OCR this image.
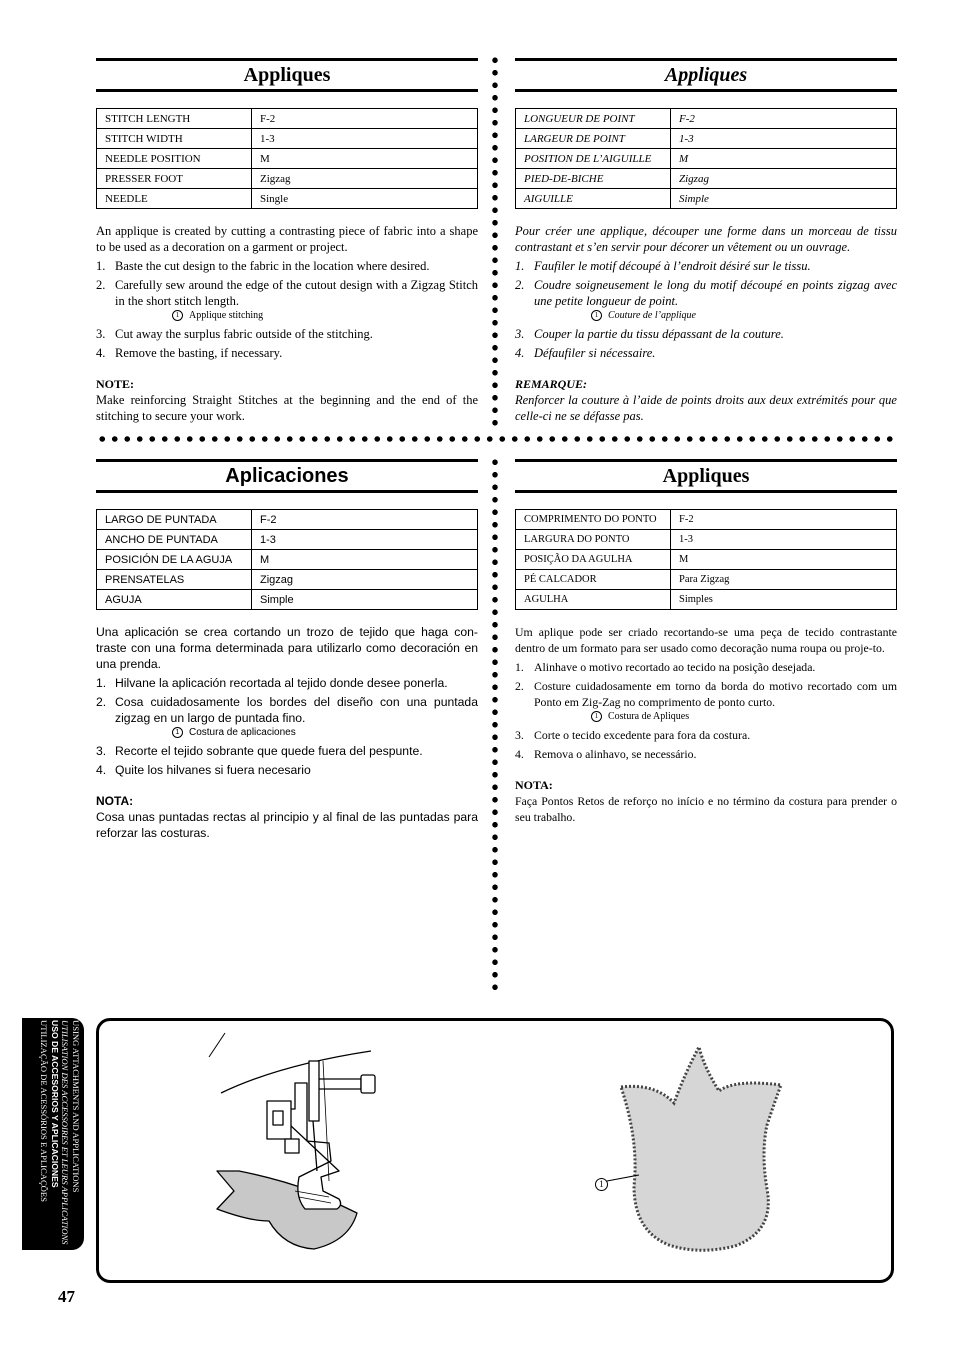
Appliques
STITCH LENGTH	F-2
STITCH WIDTH	1-3
NEEDLE POSITION	M
PRESSER FOOT	Zigzag
NEEDLE	Single

An applique is created by cutting a contrasting piece of fabric into a shape to be used as a decoration on a garment or project.

1. Baste the cut design to the fabric in the location where desired.
2. Carefully sew around the edge of the cutout design with a Zigzag Stitch in the short stitch length.
1 Applique stitching
3. Cut away the surplus fabric outside of the stitching.
4. Remove the basting, if necessary.
NOTE:

Make reinforcing Straight Stitches at the beginning and the end of the stitching to secure your work.

Appliques
LONGUEUR DE POINT	F-2
LARGEUR DE POINT	1-3
POSITION DE L’AIGUILLE	M
PIED-DE-BICHE	Zigzag
AIGUILLE	Simple

Pour créer une applique, découper une forme dans un morceau de tissu contrastant et s’en servir pour décorer un vêtement ou un ouvrage.

1. Faufiler le motif découpé à l’endroit désiré sur le tissu.
2. Coudre soigneusement le long du motif découpé en points zigzag avec une petite longueur de point.
1 Couture de l’applique
3. Couper la partie du tissu dépassant de la couture.
4. Défaufiler si nécessaire.
REMARQUE:

Renforcer la couture à l’aide de points droits aux deux extrémités pour que celle-ci ne se défasse pas.

Aplicaciones
LARGO DE PUNTADA	F-2
ANCHO DE PUNTADA	1-3
POSICIÓN DE LA AGUJA	M
PRENSATELAS	Zigzag
AGUJA	Simple

Una aplicación se crea cortando un trozo de tejido que haga con-traste con una forma determinada para utilizarlo como decoración en una prenda.

1. Hilvane la aplicación recortada al tejido donde desee ponerla.
2. Cosa cuidadosamente los bordes del diseño con una puntada zigzag en un largo de puntada fino.
1 Costura de aplicaciones
3. Recorte el tejido sobrante que quede fuera del pespunte.
4. Quite los hilvanes si fuera necesario
NOTA:

Cosa unas puntadas rectas al principio y al final de las puntadas para reforzar las costuras.

Appliques
COMPRIMENTO DO PONTO	F-2
LARGURA DO PONTO	1-3
POSIÇÃO DA AGULHA	M
PÉ CALCADOR	Para Zigzag
AGULHA	Simples

Um aplique pode ser criado recortando-se uma peça de tecido contrastante dentro de um formato para ser usado como decoração numa roupa ou proje-to.

1. Alinhave o motivo recortado ao tecido na posição desejada.
2. Costure cuidadosamente em torno da borda do motivo recortado com um Ponto em Zig-Zag no comprimento de ponto curto.
1 Costura de Apliques
3. Corte o tecido excedente para fora da costura.
4. Remova o alinhavo, se necessário.
NOTA:

Faça Pontos Retos de reforço no início e no término da costura para prender o seu trabalho.

USING ATTACHMENTS AND APPLICATIONS
UTILISATION DES ACCESSOIRES ET LEURS APPLICATIONS
USO DE ACCESORIOS Y APLICACIONES
UTILIZAÇÃO DE ACESSÓRIOS E APLICAÇÕES	1
47
